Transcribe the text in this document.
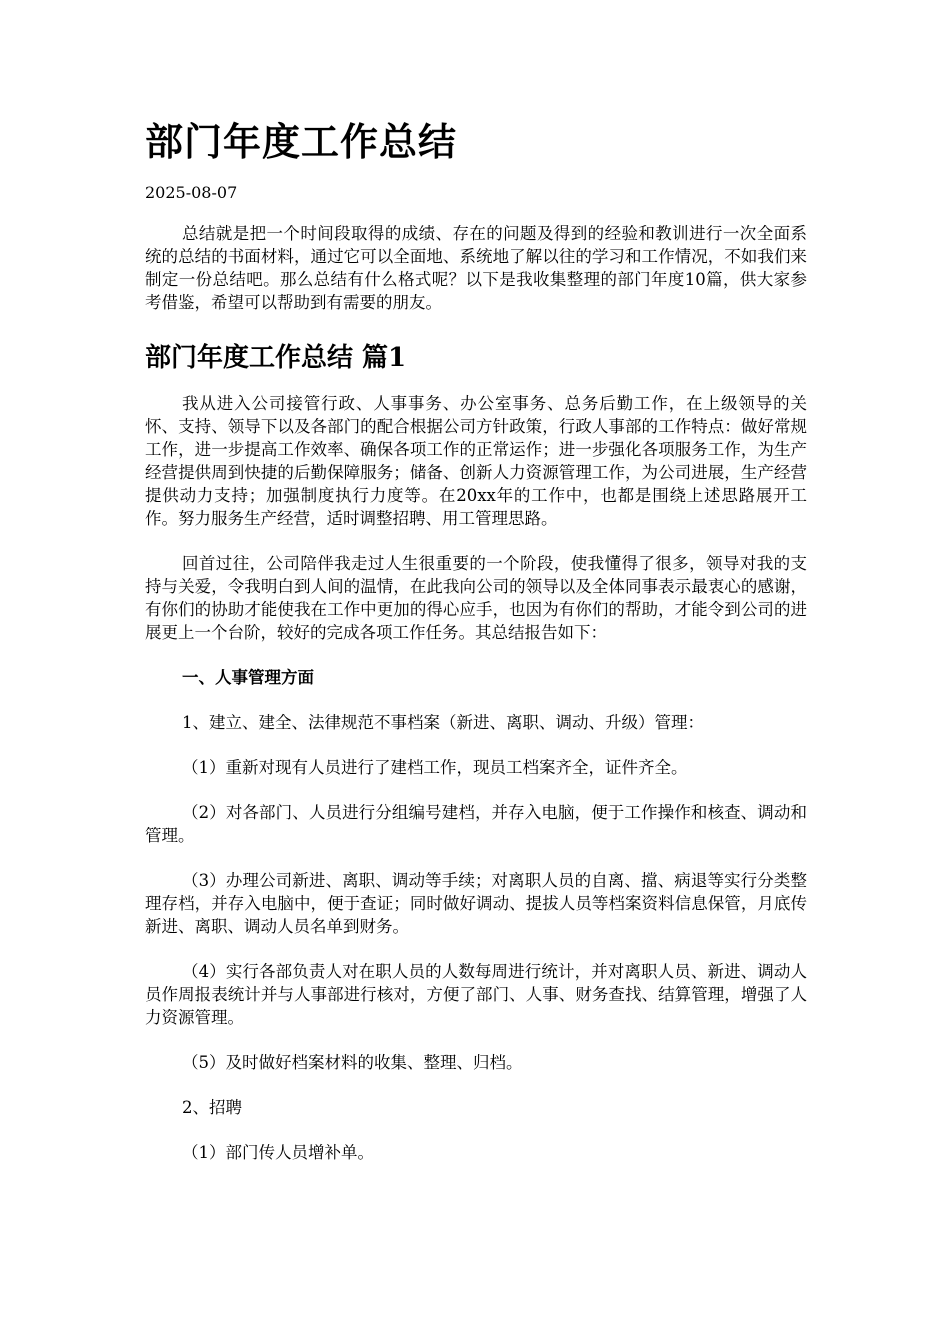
部门年度工作总结
2025-08-07

总结就是把一个时间段取得的成绩、存在的问题及得到的经验和教训进行一次全面系统的总结的书面材料，通过它可以全面地、系统地了解以往的学习和工作情况，不如我们来制定一份总结吧。那么总结有什么格式呢？以下是我收集整理的部门年度10篇，供大家参考借鉴，希望可以帮助到有需要的朋友。

部门年度工作总结 篇1

我从进入公司接管行政、人事事务、办公室事务、总务后勤工作，在上级领导的关怀、支持、领导下以及各部门的配合根据公司方针政策，行政人事部的工作特点：做好常规工作，进一步提高工作效率、确保各项工作的正常运作；进一步强化各项服务工作，为生产经营提供周到快捷的后勤保障服务；储备、创新人力资源管理工作，为公司进展，生产经营提供动力支持；加强制度执行力度等。在20xx年的工作中，也都是围绕上述思路展开工作。努力服务生产经营，适时调整招聘、用工管理思路。

回首过往，公司陪伴我走过人生很重要的一个阶段，使我懂得了很多，领导对我的支持与关爱，令我明白到人间的温情，在此我向公司的领导以及全体同事表示最衷心的感谢，有你们的协助才能使我在工作中更加的得心应手，也因为有你们的帮助，才能令到公司的进展更上一个台阶，较好的完成各项工作任务。其总结报告如下：

一、人事管理方面

1、建立、建全、法律规范不事档案（新进、离职、调动、升级）管理：

（1）重新对现有人员进行了建档工作，现员工档案齐全，证件齐全。

（2）对各部门、人员进行分组编号建档，并存入电脑，便于工作操作和核查、调动和管理。

（3）办理公司新进、离职、调动等手续；对离职人员的自离、擋、病退等实行分类整理存档，并存入电脑中，便于查证；同时做好调动、提拔人员等档案资料信息保管，月底传新进、离职、调动人员名单到财务。

（4）实行各部负责人对在职人员的人数每周进行统计，并对离职人员、新进、调动人员作周报表统计并与人事部进行核对，方便了部门、人事、财务查找、结算管理，增强了人力资源管理。

（5）及时做好档案材料的收集、整理、归档。

2、招聘

（1）部门传人员增补单。
